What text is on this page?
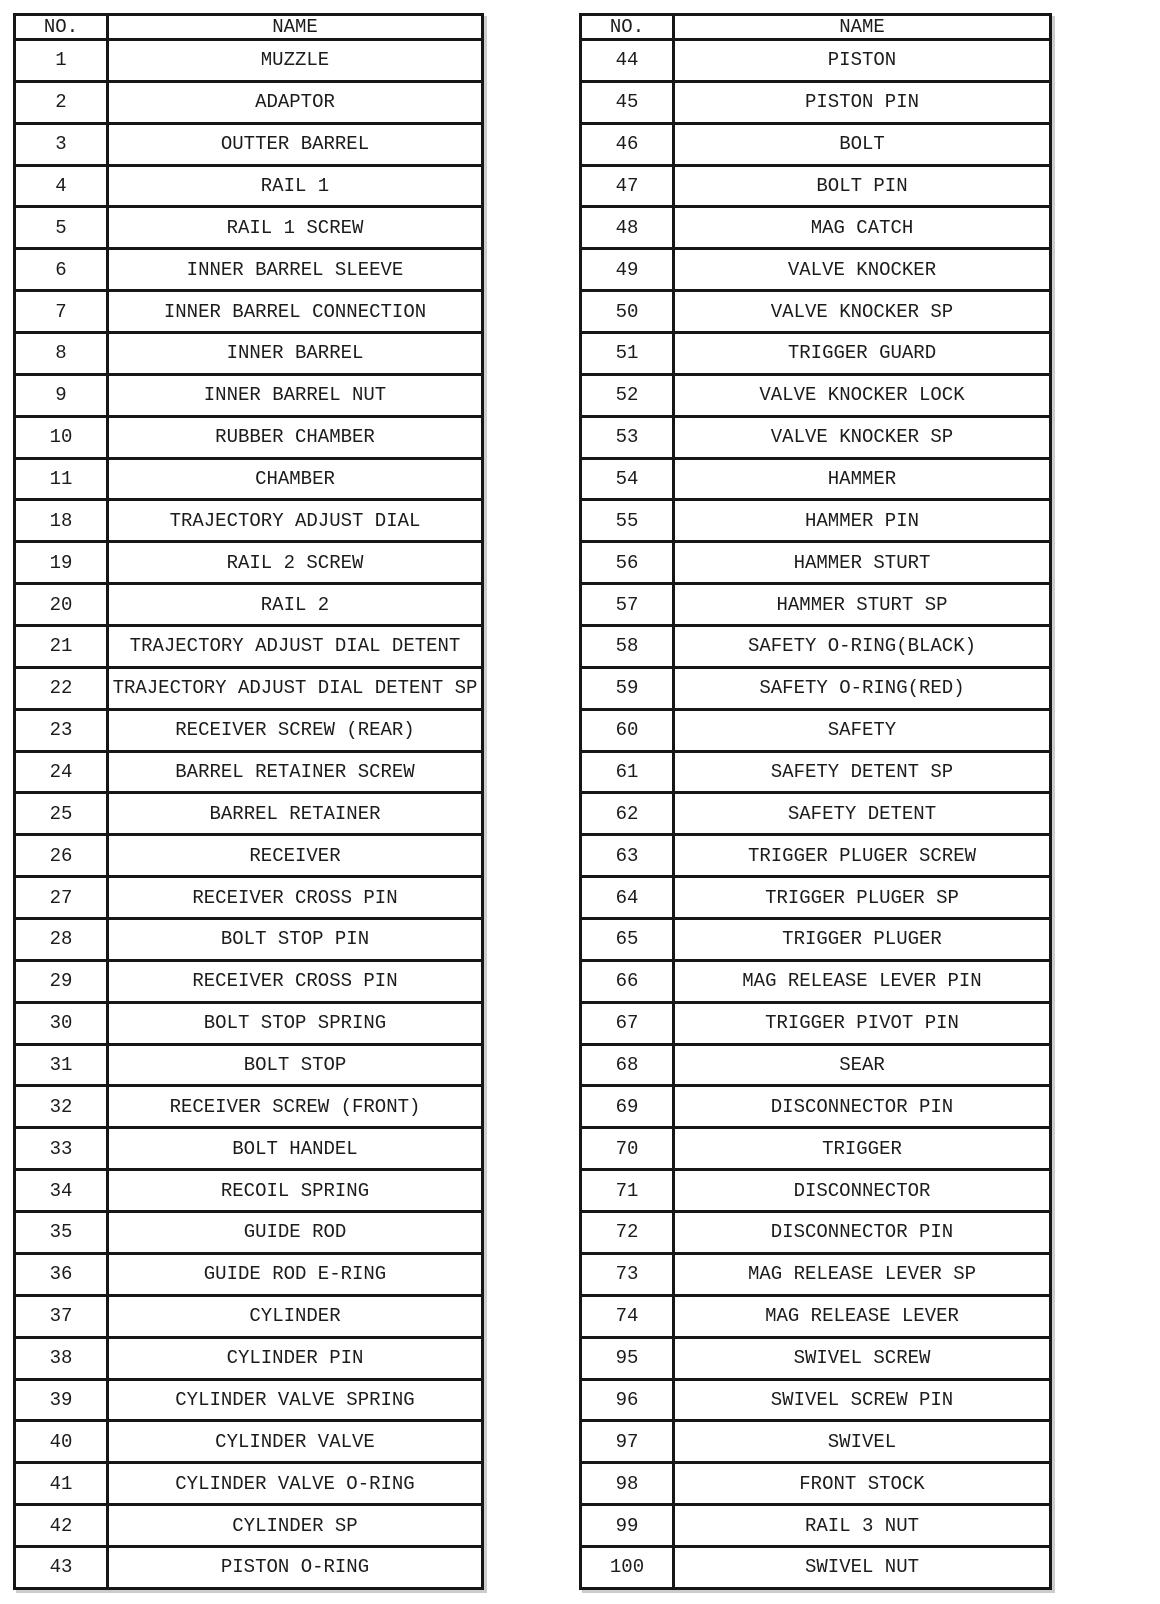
NO.	NAME
1	MUZZLE
2	ADAPTOR
3	OUTTER BARREL
4	RAIL 1
5	RAIL 1 SCREW
6	INNER BARREL SLEEVE
7	INNER BARREL CONNECTION
8	INNER BARREL
9	INNER BARREL NUT
10	RUBBER CHAMBER
11	CHAMBER
18	TRAJECTORY ADJUST DIAL
19	RAIL 2 SCREW
20	RAIL 2
21	TRAJECTORY ADJUST DIAL DETENT
22	TRAJECTORY ADJUST DIAL DETENT SP
23	RECEIVER SCREW (REAR)
24	BARREL RETAINER SCREW
25	BARREL RETAINER
26	RECEIVER
27	RECEIVER CROSS PIN
28	BOLT STOP PIN
29	RECEIVER CROSS PIN
30	BOLT STOP SPRING
31	BOLT STOP
32	RECEIVER SCREW (FRONT)
33	BOLT HANDEL
34	RECOIL SPRING
35	GUIDE ROD
36	GUIDE ROD E-RING
37	CYLINDER
38	CYLINDER PIN
39	CYLINDER VALVE SPRING
40	CYLINDER VALVE
41	CYLINDER VALVE O-RING
42	CYLINDER SP
43	PISTON O-RING
NO.	NAME
44	PISTON
45	PISTON PIN
46	BOLT
47	BOLT PIN
48	MAG CATCH
49	VALVE KNOCKER
50	VALVE KNOCKER SP
51	TRIGGER GUARD
52	VALVE KNOCKER LOCK
53	VALVE KNOCKER SP
54	HAMMER
55	HAMMER PIN
56	HAMMER STURT
57	HAMMER STURT SP
58	SAFETY O-RING(BLACK)
59	SAFETY O-RING(RED)
60	SAFETY
61	SAFETY DETENT SP
62	SAFETY DETENT
63	TRIGGER PLUGER SCREW
64	TRIGGER PLUGER SP
65	TRIGGER PLUGER
66	MAG RELEASE LEVER PIN
67	TRIGGER PIVOT PIN
68	SEAR
69	DISCONNECTOR PIN
70	TRIGGER
71	DISCONNECTOR
72	DISCONNECTOR PIN
73	MAG RELEASE LEVER SP
74	MAG RELEASE LEVER
95	SWIVEL SCREW
96	SWIVEL SCREW PIN
97	SWIVEL
98	FRONT STOCK
99	RAIL 3 NUT
100	SWIVEL NUT
